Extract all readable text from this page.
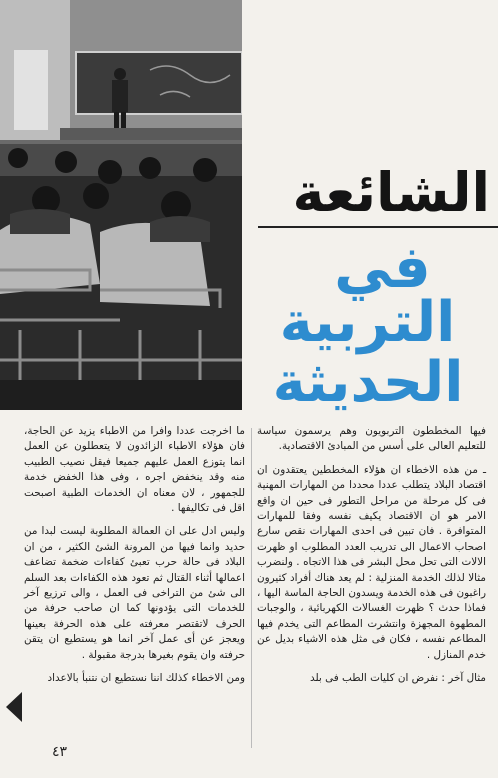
الشائعة
في
التربية
الحديثة

فيها المخططون التربويون وهم يرسمون سياسة للتعليم العالى على أسس من المبادئ الاقتصادية.

ـ من هذه الاخطاء ان هؤلاء المخططين يعتقدون ان اقتصاد البلاد يتطلب عددا محددا من المهارات المهنية فى كل مرحلة من مراحل التطور فى حين ان واقع الامر هو ان الاقتصاد يكيف نفسه وفقا للمهارات المتوافرة . فان تبين فى احدى المهارات نقص سارع اصحاب الاعمال الى تدريب العدد المطلوب او ظهرت الالات التى تحل محل البشر فى هذا الاتجاه . ولنضرب مثالا لذلك الخدمة المنزلية : لم يعد هناك أفراد كثيرون راغبون فى هذه الخدمة ويسدون الحاجة الماسة اليها ، فماذا حدث ؟ ظهرت الغسالات الكهربائية ، والوجبات المطهوة المجهزة وانتشرت المطاعم التى يخدم فيها المطاعم نفسه ، فكان فى مثل هذه الاشياء بديل عن خدم المنازل .

مثال آخر : نفرض ان كليات الطب فى بلد

ما اخرجت عددا وافرا من الاطباء يزيد عن الحاجة، فان هؤلاء الاطباء الزائدون لا يتعطلون عن العمل انما يتوزع العمل عليهم جميعا فيقل نصيب الطبيب منه وقد ينخفض اجره ، وفى هذا الخفض خدمة للجمهور ، لان معناه ان الخدمات الطبية اصبحت اقل فى تكاليفها .

وليس ادل على ان العمالة المطلوبة ليست لبدا من حديد وانما فيها من المرونة الشئ الكثير ، من ان البلاد فى حالة حرب تعبئ كفاءات ضخمة تضاعف اعمالها أثناء القتال ثم تعود هذه الكفاءات بعد السلم الى شئ من التراخى فى العمل ، والى ترزيع آخر للخدمات التى يؤدونها كما ان صاحب حرفة من الحرف لاتقتصر معرفته على هذه الحرفة بعينها ويعجز عن أى عمل آخر انما هو يستطيع ان يتقن حرفته وان يقوم بغيرها بدرجة مقبولة .

ومن الاخطاء كذلك اننا نستطيع ان نتنبأ بالاعداد

٤٣
